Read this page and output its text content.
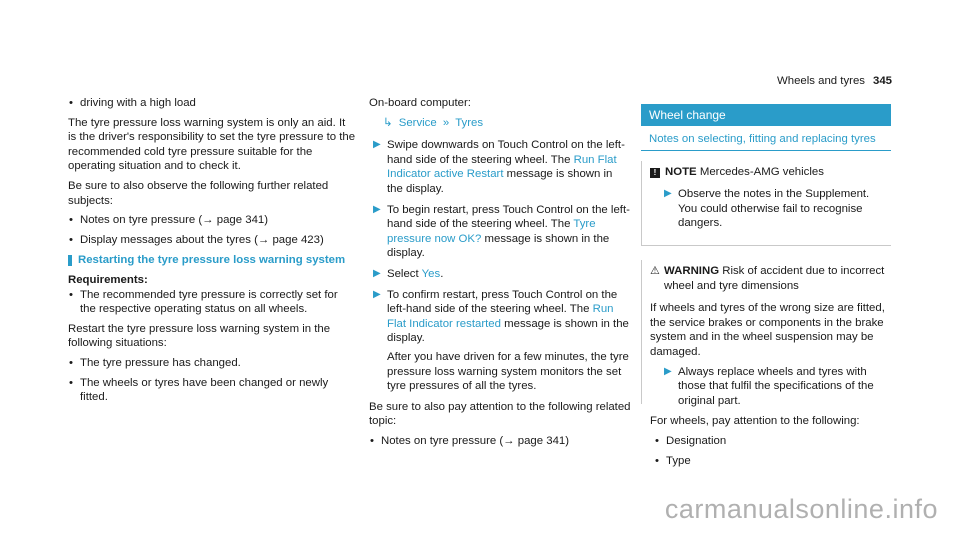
Wheels and tyres 345
• driving with a high load

The tyre pressure loss warning system is only an aid. It is the driver's responsibility to set the tyre pressure to the recommended cold tyre pressure suitable for the operating situation and to check it.

Be sure to also observe the following further related subjects:

• Notes on tyre pressure (→ page 341)
• Display messages about the tyres (→ page 423)
Restarting the tyre pressure loss warning system
Requirements:
• The recommended tyre pressure is correctly set for the respective operating status on all wheels.

Restart the tyre pressure loss warning system in the following situations:

• The tyre pressure has changed.
• The wheels or tyres have been changed or newly fitted.

On-board computer:

↳ Service » Tyres
▶ Swipe downwards on Touch Control on the left-hand side of the steering wheel. The Run Flat Indicator active Restart message is shown in the display.
▶ To begin restart, press Touch Control on the left-hand side of the steering wheel. The Tyre pressure now OK? message is shown in the display.
▶ Select Yes.
▶ To confirm restart, press Touch Control on the left-hand side of the steering wheel. The Run Flat Indicator restarted message is shown in the display.
After you have driven for a few minutes, the tyre pressure loss warning system monitors the set tyre pressures of all the tyres.

Be sure to also pay attention to the following related topic:

• Notes on tyre pressure (→ page 341)
Wheel change
Notes on selecting, fitting and replacing tyres
! NOTE Mercedes-AMG vehicles
▶ Observe the notes in the Supplement. You could otherwise fail to recognise dangers.
⚠ WARNING Risk of accident due to incorrect wheel and tyre dimensions

If wheels and tyres of the wrong size are fitted, the service brakes or components in the brake system and in the wheel suspension may be damaged.

▶ Always replace wheels and tyres with those that fulfil the specifications of the original part.

For wheels, pay attention to the following:

• Designation
• Type
carmanualsonline.info
